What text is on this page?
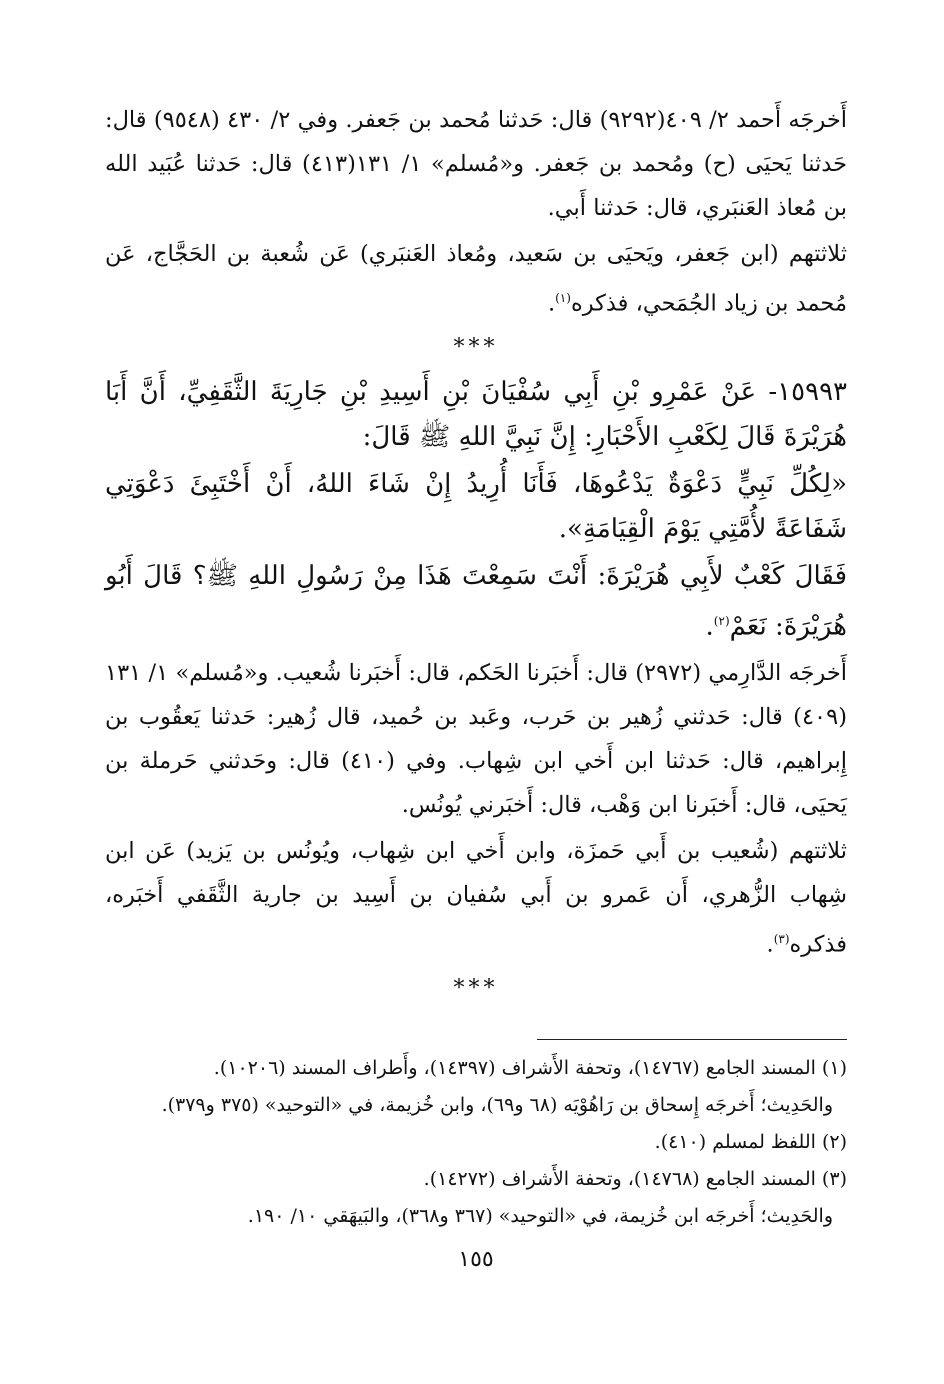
أَخرجَه أَحمد ٢/ ٤٠٩(٩٢٩٢) قال: حَدثنا مُحمد بن جَعفر. وفي ٢/ ٤٣٠ (٩٥٤٨) قال: حَدثنا يَحيَى (ح) ومُحمد بن جَعفر. و«مُسلم» ١/ ١٣١(٤١٣) قال: حَدثنا عُبَيد الله بن مُعاذ العَنبَري، قال: حَدثنا أَبي.

ثلاثتهم (ابن جَعفر، ويَحيَى بن سَعيد، ومُعاذ العَنبَري) عَن شُعبة بن الحَجَّاج، عَن مُحمد بن زياد الجُمَحي، فذكره$^{(١)}$.

***

١٥٩٩٣- عَنْ عَمْرِو بْنِ أَبِي سُفْيَانَ بْنِ أَسِيدِ بْنِ جَارِيَةَ الثَّقَفِيِّ، أَنَّ أَبَا هُرَيْرَةَ قَالَ لِكَعْبِ الأَحْبَارِ: إِنَّ نَبِيَّ اللهِ ﷺ قَالَ:

«لِكُلِّ نَبِيٍّ دَعْوَةٌ يَدْعُوهَا، فَأَنَا أُرِيدُ إِنْ شَاءَ اللهُ، أَنْ أَخْتَبِئَ دَعْوَتِي شَفَاعَةً لأُمَّتِي يَوْمَ الْقِيَامَةِ».

فَقَالَ كَعْبٌ لأَبِي هُرَيْرَةَ: أَنْتَ سَمِعْتَ هَذَا مِنْ رَسُولِ اللهِ ﷺ؟ قَالَ أَبُو هُرَيْرَةَ: نَعَمْ$^{(٢)}$.

أَخرجَه الدَّارِمي (٢٩٧٢) قال: أَخبَرنا الحَكم، قال: أَخبَرنا شُعيب. و«مُسلم» ١/ ١٣١ (٤٠٩) قال: حَدثني زُهير بن حَرب، وعَبد بن حُميد، قال زُهير: حَدثنا يَعقُوب بن إِبراهيم، قال: حَدثنا ابن أَخي ابن شِهاب. وفي (٤١٠) قال: وحَدثني حَرملة بن يَحيَى، قال: أَخبَرنا ابن وَهْب، قال: أَخبَرني يُونُس.

ثلاثتهم (شُعيب بن أَبي حَمزَة، وابن أَخي ابن شِهاب، ويُونُس بن يَزيد) عَن ابن شِهاب الزُّهري، أَن عَمرو بن أَبي سُفيان بن أَسِيد بن جارية الثَّقَفي أَخبَره، فذكره$^{(٣)}$.

***

(١) المسند الجامع (١٤٧٦٧)، وتحفة الأَشراف (١٤٣٩٧)، وأَطراف المسند (١٠٢٠٦).

والحَدِيث؛ أَخرجَه إِسحاق بن رَاهُوْيَه (٦٨ و٦٩)، وابن خُزيمة، في «التوحيد» (٣٧٥ و٣٧٩).

(٢) اللفظ لمسلم (٤١٠).

(٣) المسند الجامع (١٤٧٦٨)، وتحفة الأَشراف (١٤٢٧٢).

والحَدِيث؛ أَخرجَه ابن خُزيمة، في «التوحيد» (٣٦٧ و٣٦٨)، والبَيهَقي ١٠/ ١٩٠.

١٥٥
